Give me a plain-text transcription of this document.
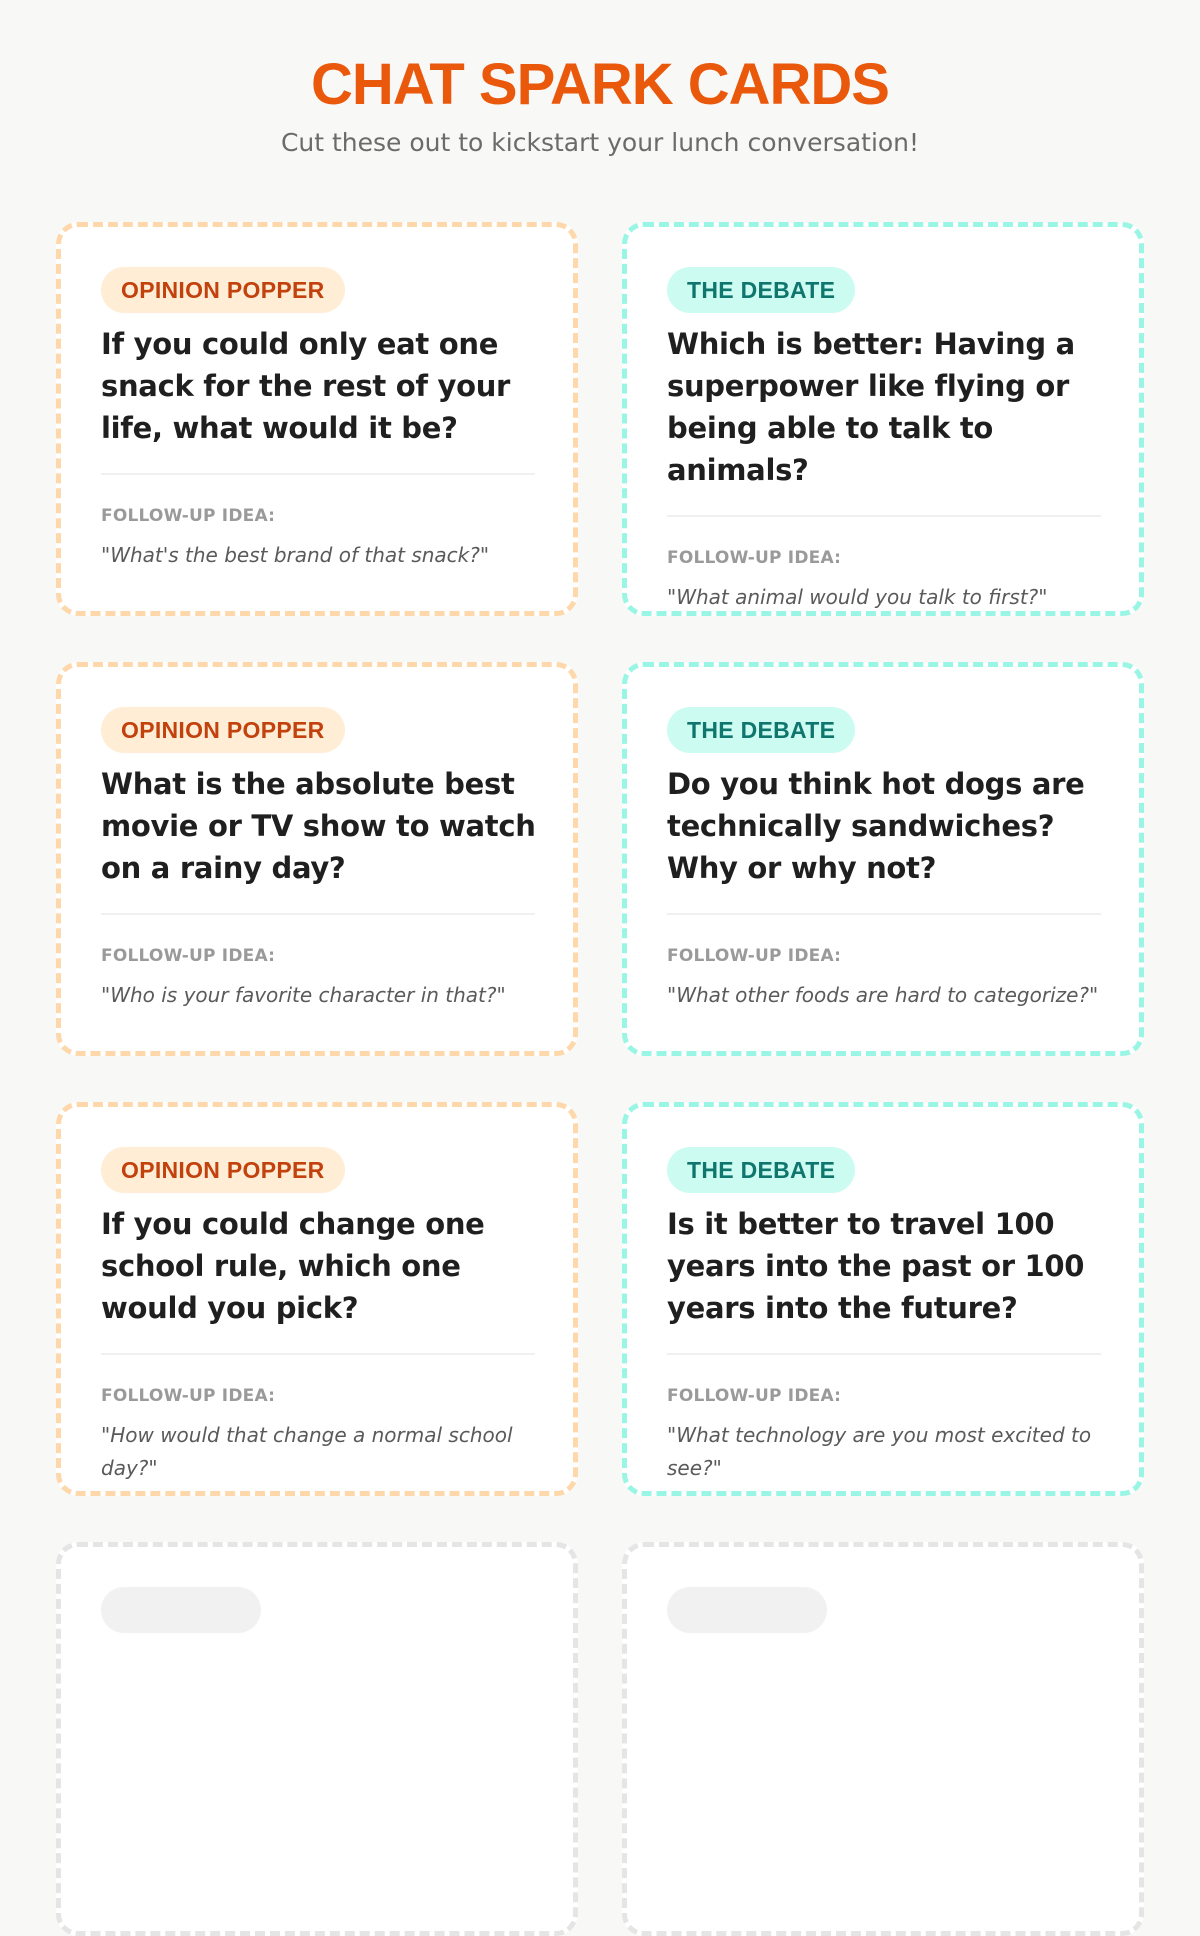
CHAT SPARK CARDS

Cut these out to kickstart your lunch conversation!

OPINION POPPER
If you could only eat one snack for the rest of your life, what would it be?
FOLLOW-UP IDEA:
"What's the best brand of that snack?"
THE DEBATE
Which is better: Having a superpower like flying or being able to talk to animals?
FOLLOW-UP IDEA:
"What animal would you talk to first?"
OPINION POPPER
What is the absolute best movie or TV show to watch on a rainy day?
FOLLOW-UP IDEA:
"Who is your favorite character in that?"
THE DEBATE
Do you think hot dogs are technically sandwiches? Why or why not?
FOLLOW-UP IDEA:
"What other foods are hard to categorize?"
OPINION POPPER
If you could change one school rule, which one would you pick?
FOLLOW-UP IDEA:
"How would that change a normal school day?"
THE DEBATE
Is it better to travel 100 years into the past or 100 years into the future?
FOLLOW-UP IDEA:
"What technology are you most excited to see?"
